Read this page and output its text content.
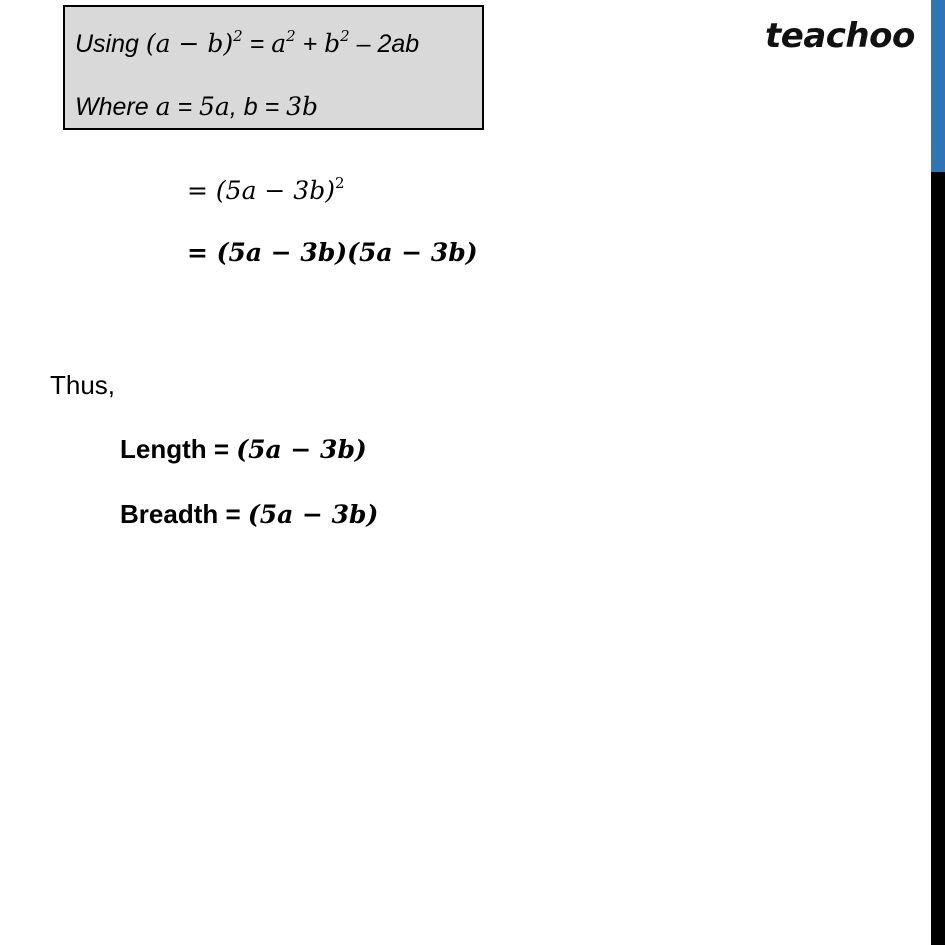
Using $(a - b)^2 = a^2 + b^2 - 2ab$
Where a = 5a, b = 3b
teachoo
= $(5a - 3b)^2$
= (5a − 3b)(5a − 3b)
Thus,
Length = (5a − 3b)
Breadth = (5a − 3b)
